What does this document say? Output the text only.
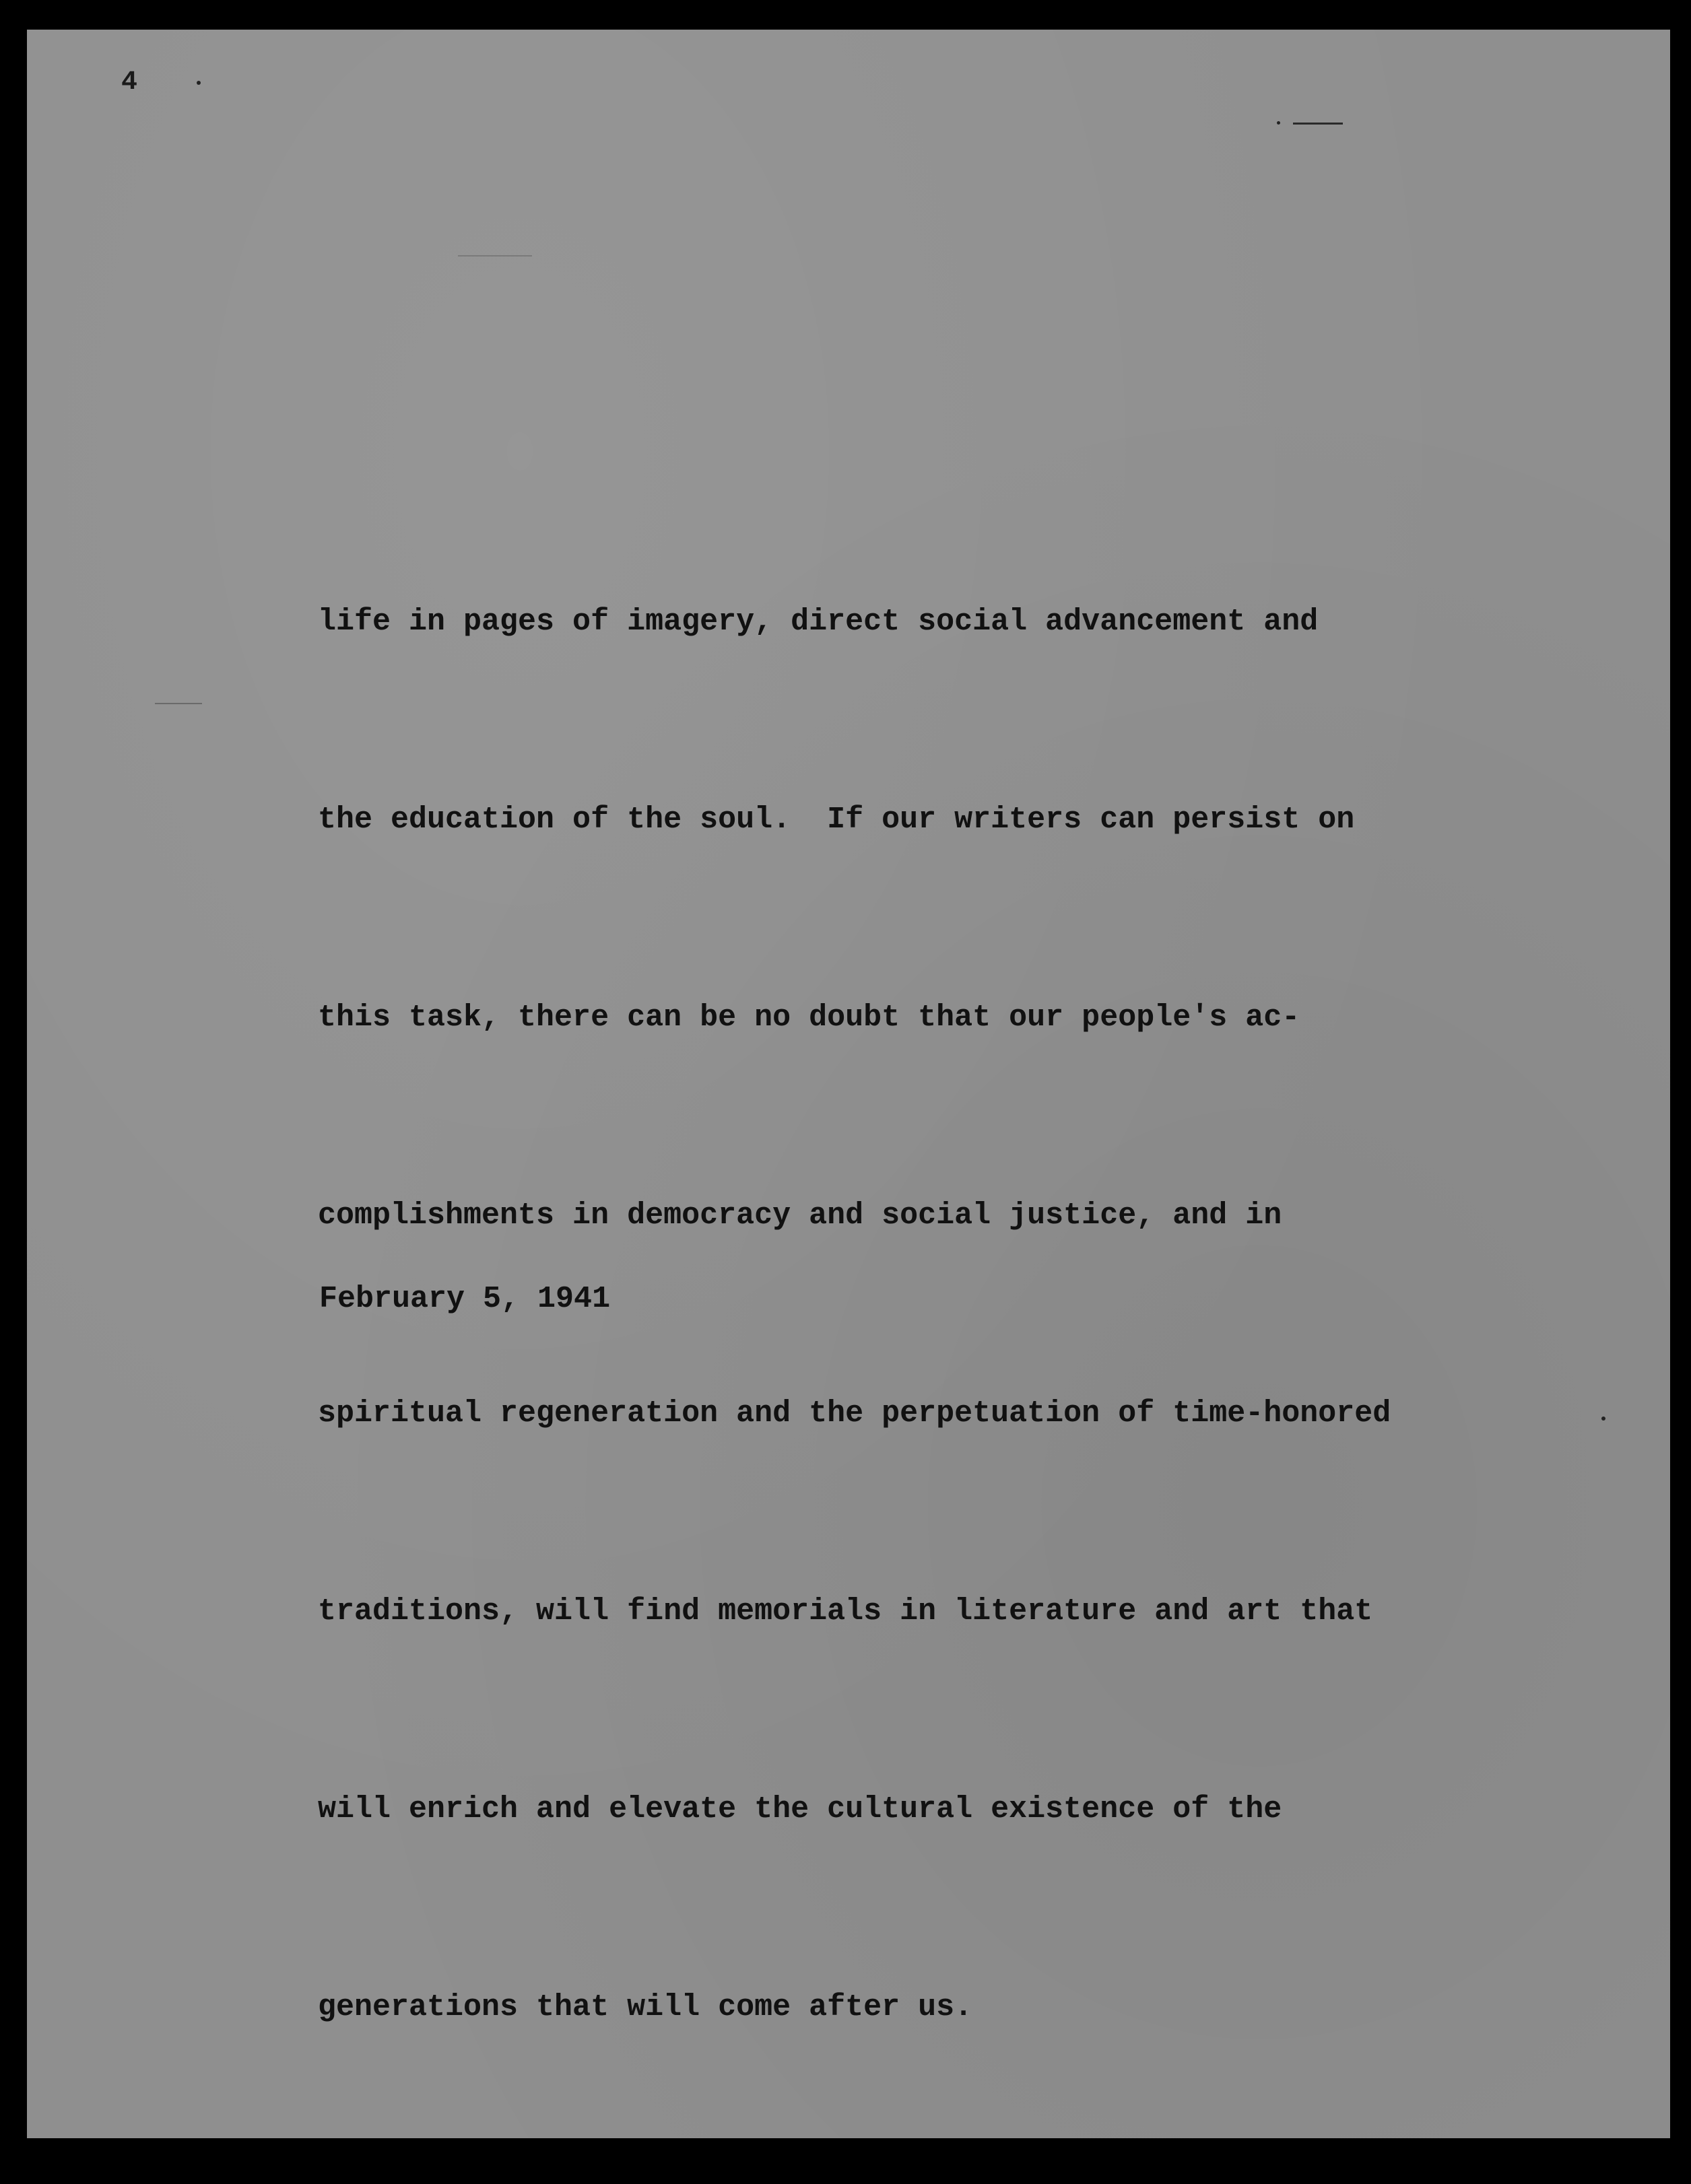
4

life in pages of imagery, direct social advancement and

the education of the soul.  If our writers can persist on

this task, there can be no doubt that our people's ac-

complishments in democracy and social justice, and in

spiritual regeneration and the perpetuation of time-honored

traditions, will find memorials in literature and art that

will enrich and elevate the cultural existence of the

generations that will come after us.

February 5, 1941
